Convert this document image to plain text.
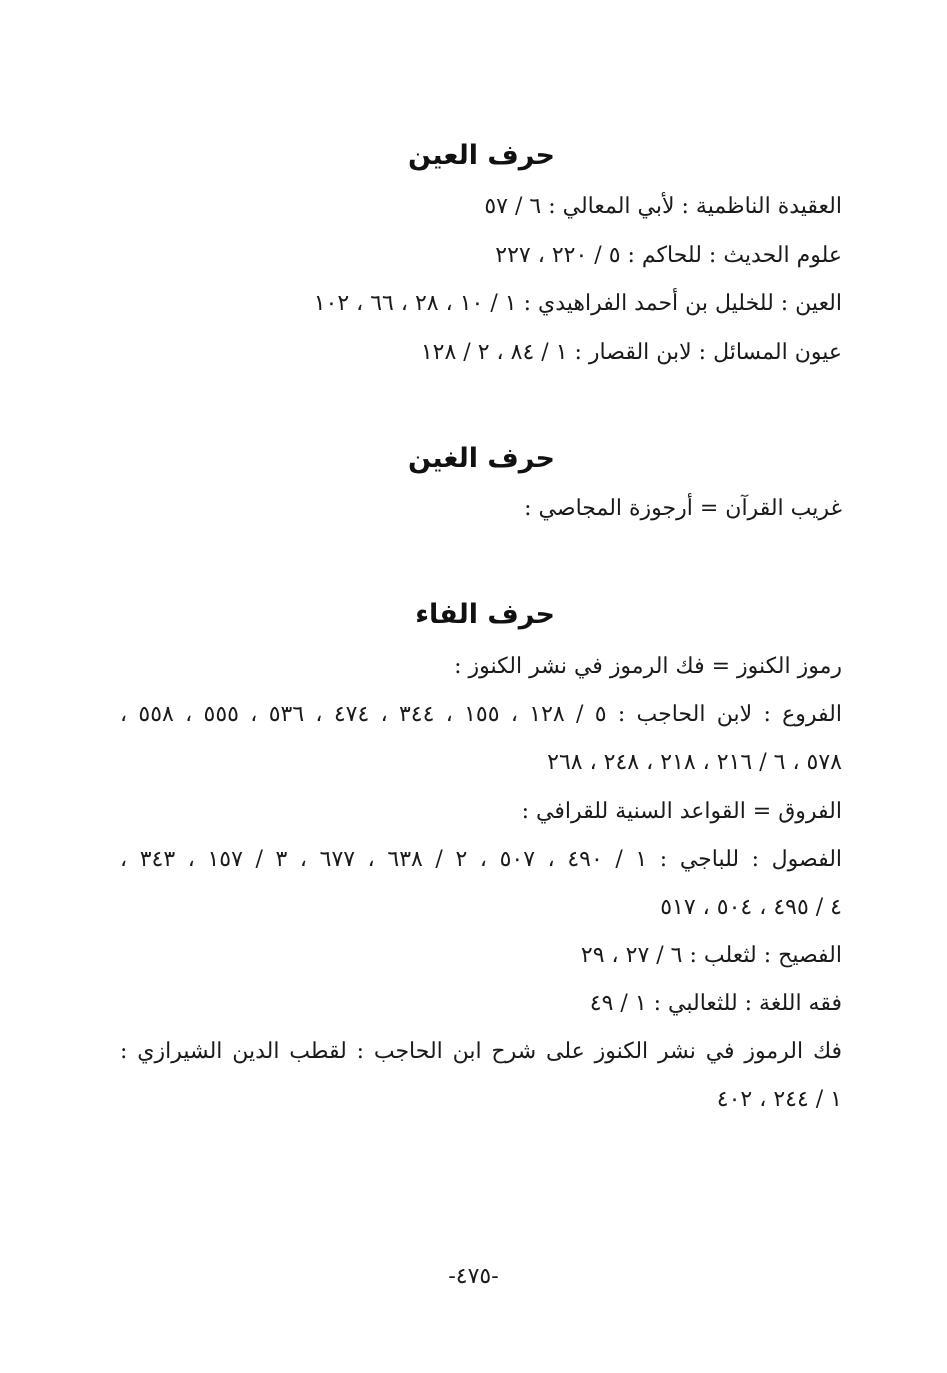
حرف العين
العقيدة الناظمية : لأبي المعالي : ٦ / ٥٧
علوم الحديث : للحاكم : ٥ / ٢٢٠ ، ٢٢٧
العين : للخليل بن أحمد الفراهيدي : ١ / ١٠ ، ٢٨ ، ٦٦ ، ١٠٢
عيون المسائل : لابن القصار : ١ / ٨٤ ، ٢ / ١٢٨
حرف الغين
غريب القرآن = أرجوزة المجاصي :
حرف الفاء
رموز الكنوز = فك الرموز في نشر الكنوز :
الفروع : لابن الحاجب : ٥ / ١٢٨ ، ١٥٥ ، ٣٤٤ ، ٤٧٤ ، ٥٣٦ ، ٥٥٥ ، ٥٥٨ ،
٥٧٨ ، ٦ / ٢١٦ ، ٢١٨ ، ٢٤٨ ، ٢٦٨
الفروق = القواعد السنية للقرافي :
الفصول : للباجي : ١ / ٤٩٠ ، ٥٠٧ ، ٢ / ٦٣٨ ، ٦٧٧ ، ٣ / ١٥٧ ، ٣٤٣ ،
٤ / ٤٩٥ ، ٥٠٤ ، ٥١٧
الفصيح : لثعلب : ٦ / ٢٧ ، ٢٩
فقه اللغة : للثعالبي : ١ / ٤٩
فك الرموز في نشر الكنوز على شرح ابن الحاجب : لقطب الدين الشيرازي :
١ / ٢٤٤ ، ٤٠٢
-٤٧٥-
